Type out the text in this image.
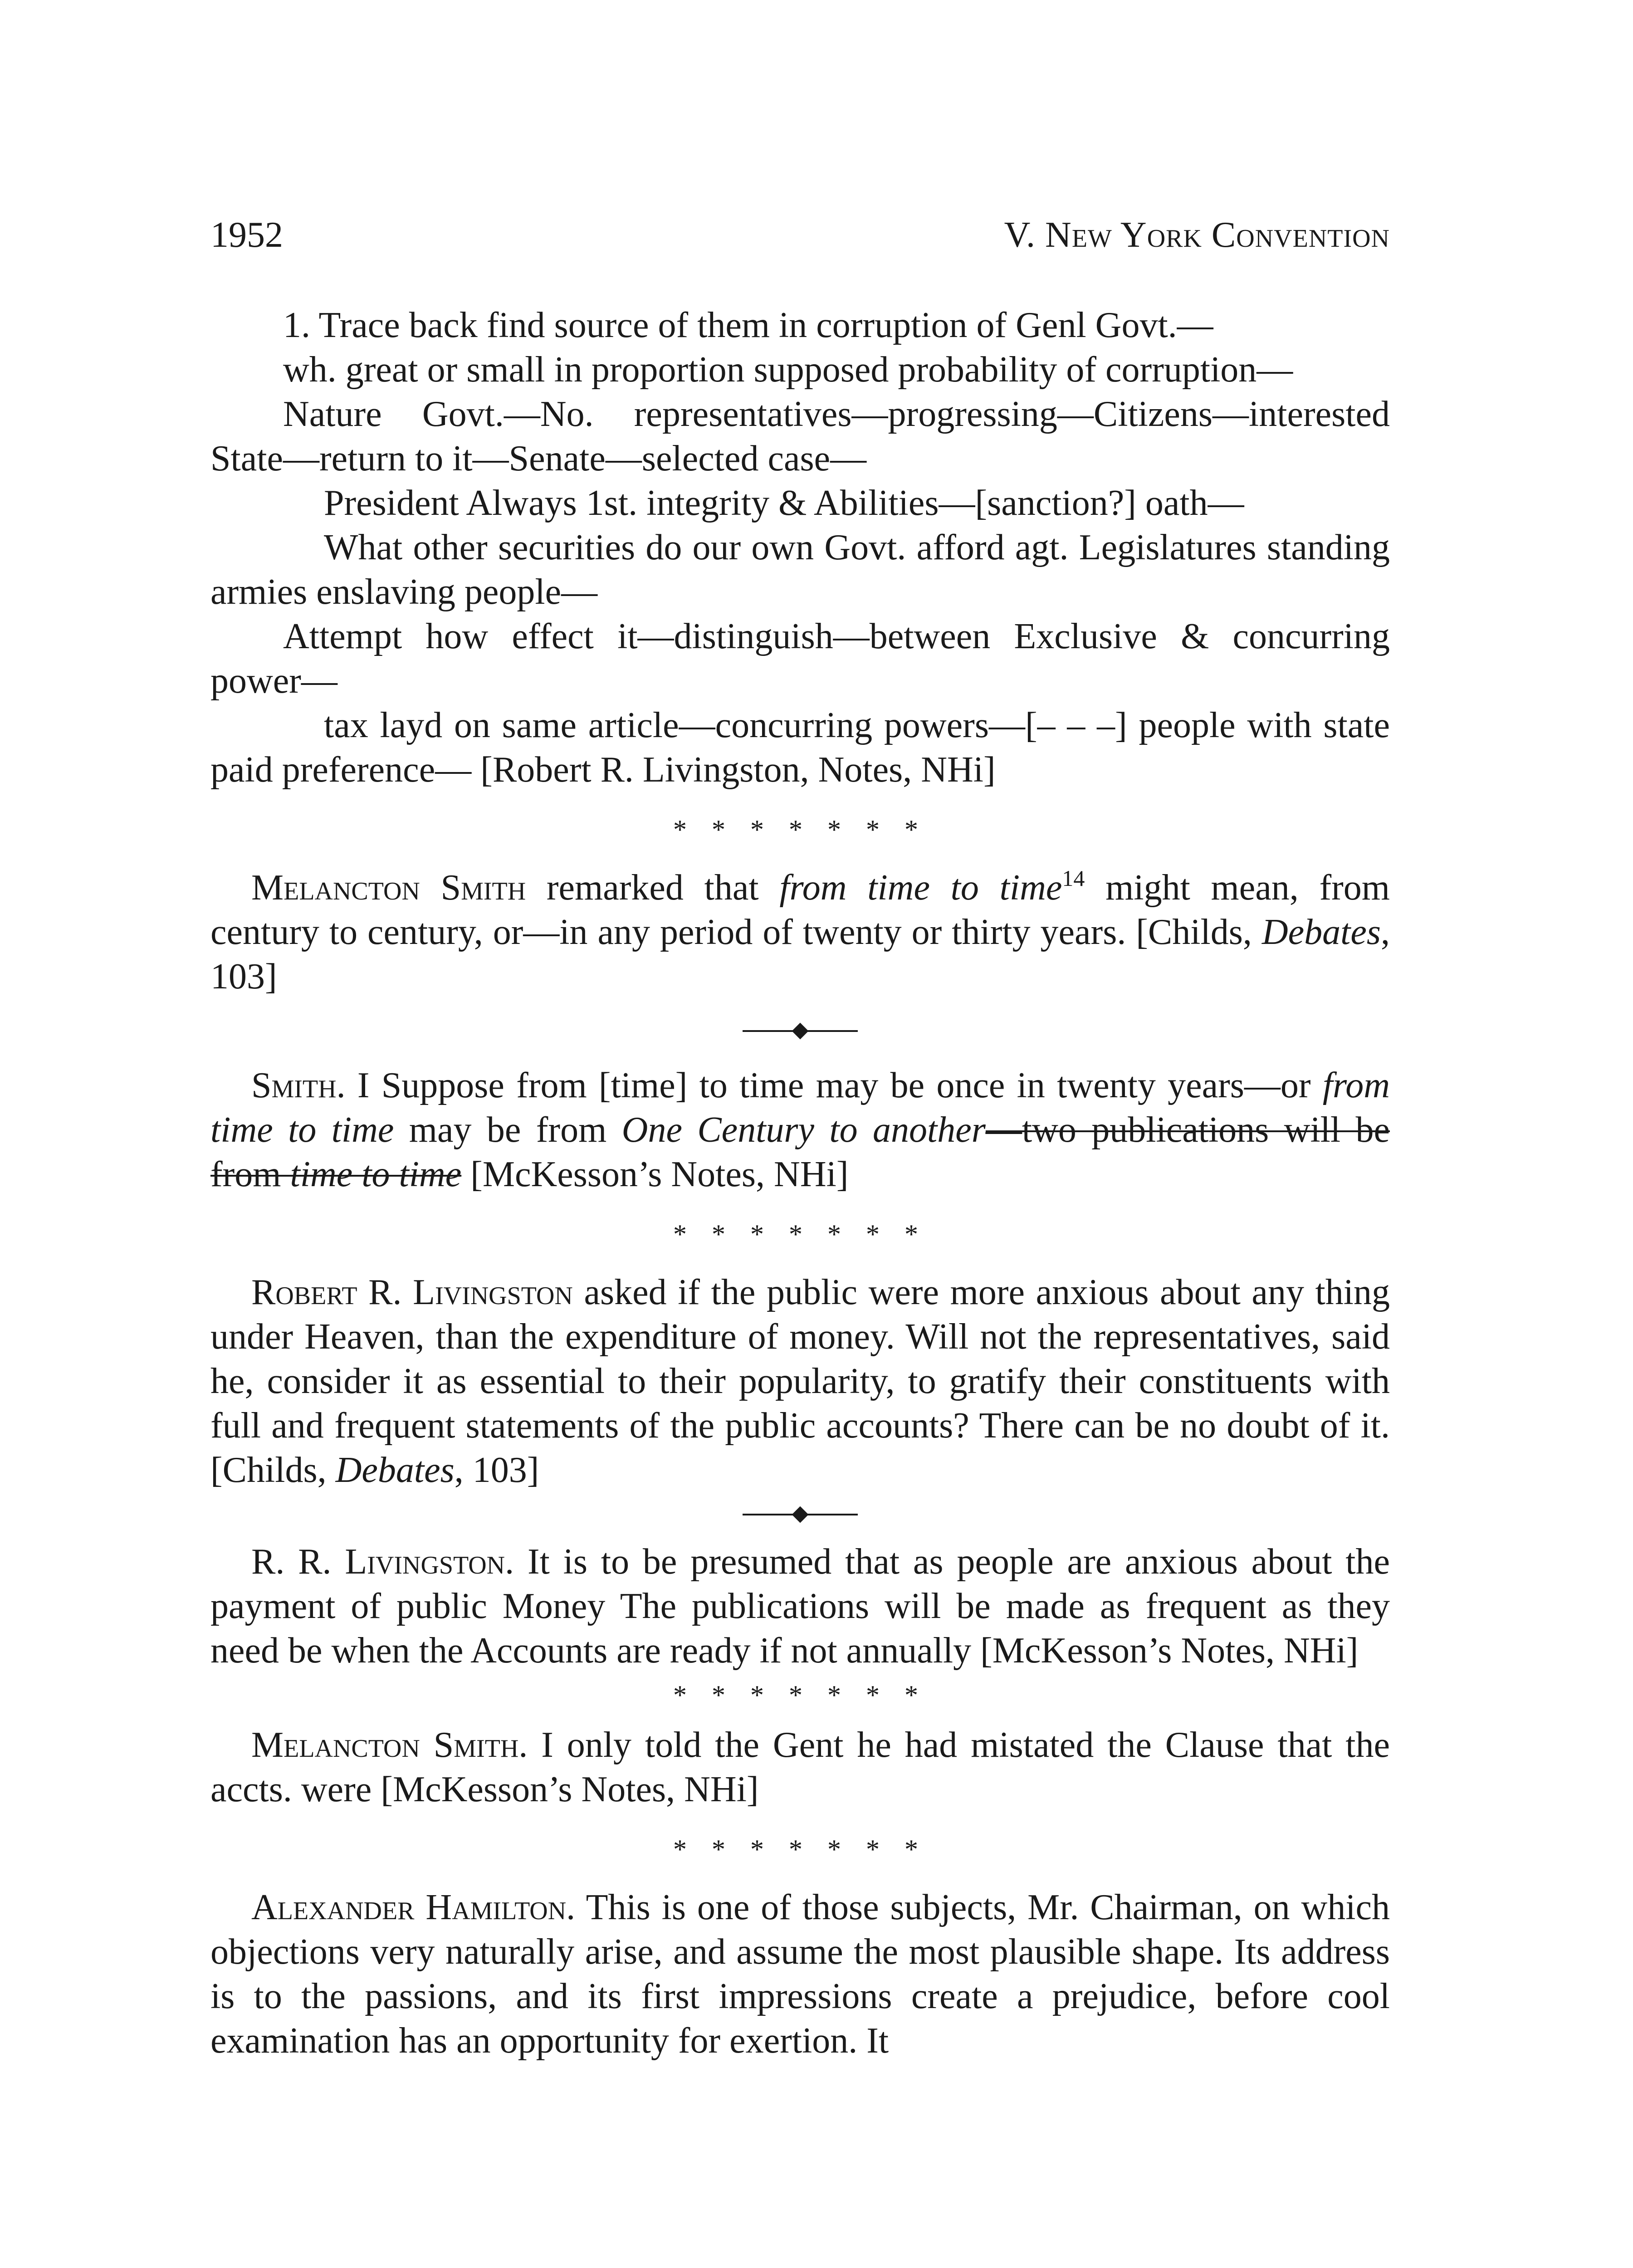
1952	V. New York Convention

1. Trace back find source of them in corruption of Genl Govt.—

wh. great or small in proportion supposed probability of corruption—

Nature Govt.—No. representatives—progressing—Citizens—interested State—return to it—Senate—selected case—

President Always 1st. integrity & Abilities—[sanction?] oath—

What other securities do our own Govt. afford agt. Legislatures standing armies enslaving people—

Attempt how effect it—distinguish—between Exclusive & concurring power—

tax layd on same article—concurring powers—[– – –] people with state paid preference— [Robert R. Livingston, Notes, NHi]

* * * * * * *

Melancton Smith remarked that from time to time$^{14}$ might mean, from century to century, or—in any period of twenty or thirty years. [Childs, Debates, 103]

Smith. I Suppose from [time] to time may be once in twenty years—or from time to time may be from One Century to another—two publications will be from time to time [McKesson’s Notes, NHi]

* * * * * * *

Robert R. Livingston asked if the public were more anxious about any thing under Heaven, than the expenditure of money. Will not the representatives, said he, consider it as essential to their popularity, to gratify their constituents with full and frequent statements of the public accounts? There can be no doubt of it. [Childs, Debates, 103]

R. R. Livingston. It is to be presumed that as people are anxious about the payment of public Money The publications will be made as frequent as they need be when the Accounts are ready if not annually [McKesson’s Notes, NHi]

* * * * * * *

Melancton Smith. I only told the Gent he had mistated the Clause that the accts. were [McKesson’s Notes, NHi]

* * * * * * *

Alexander Hamilton. This is one of those subjects, Mr. Chairman, on which objections very naturally arise, and assume the most plausible shape. Its address is to the passions, and its first impressions create a prejudice, before cool examination has an opportunity for exertion. It
